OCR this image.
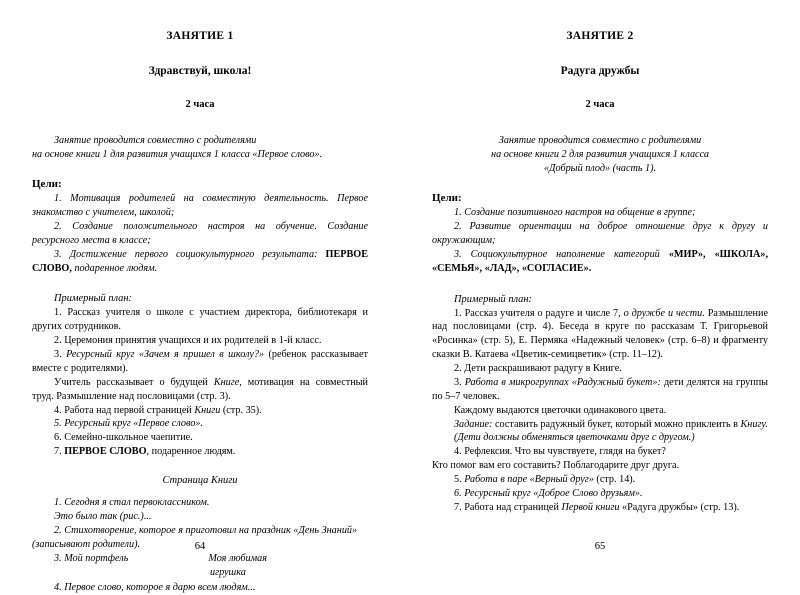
ЗАНЯТИЕ 1
Здравствуй, школа!
2 часа
Занятие проводится совместно с родителями
на основе книги 1 для развития учащихся 1 класса «Первое слово».
Цели:

1. Мотивация родителей на совместную деятельность. Первое знакомство с учителем, школой;

2. Создание положительного настроя на обучение. Создание ресурсного места в классе;

3. Достижение первого социокультурного результата: ПЕРВОЕ СЛОВО, подаренное людям.

Примерный план:

1. Рассказ учителя о школе с участием директора, библиотекаря и других сотрудников.

2. Церемония принятия учащихся и их родителей в 1-й класс.

3. Ресурсный круг «Зачем я пришел в школу?» (ребенок рассказывает вместе с родителями).

Учитель рассказывает о будущей Книге, мотивация на совместный труд. Размышление над пословицами (стр. 3).

4. Работа над первой страницей Книги (стр. 35).

5. Ресурсный круг «Первое слово».

6. Семейно-школьное чаепитие.

7. ПЕРВОЕ СЛОВО, подаренное людям.

Страница Книги

1. Сегодня я стал первоклассником.

Это было так (рис.)...

2. Стихотворение, которое я приготовил на праздник «День Знаний» (записывают родители).

3. Мой портфель	Моя любимая
игрушка

4. Первое слово, которое я дарю всем людям...

64
ЗАНЯТИЕ 2
Радуга дружбы
2 часа
Занятие проводится совместно с родителями
на основе книги 2 для развития учащихся 1 класса
«Добрый плод» (часть 1).
Цели:

1. Создание позитивного настроя на общение в группе;

2. Развитие ориентации на доброе отношение друг к другу и окружающим;

3. Социокультурное наполнение категорий «МИР», «ШКОЛА», «СЕМЬЯ», «ЛАД», «СОГЛАСИЕ».

Примерный план:

1. Рассказ учителя о радуге и числе 7, о дружбе и чести. Размышление над пословицами (стр. 4). Беседа в круге по рассказам Т. Григорьевой «Росинка» (стр. 5), Е. Пермяка «Надежный человек» (стр. 6–8) и фрагменту сказки В. Катаева «Цветик-семицветик» (стр. 11–12).

2. Дети раскрашивают радугу в Книге.

3. Работа в микрогруппах «Радужный букет»: дети делятся на группы по 5–7 человек.

Каждому выдаются цветочки одинакового цвета.

Задание: составить радужный букет, который можно приклеить в Книгу.

(Дети должны обменяться цветочками друг с другом.)

4. Рефлексия. Что вы чувствуете, глядя на букет?

Кто помог вам его составить? Поблагодарите друг друга.

5. Работа в паре «Верный друг» (стр. 14).

6. Ресурсный круг «Доброе Слово друзьям».

7. Работа над страницей Первой книги «Радуга дружбы» (стр. 13).

65
